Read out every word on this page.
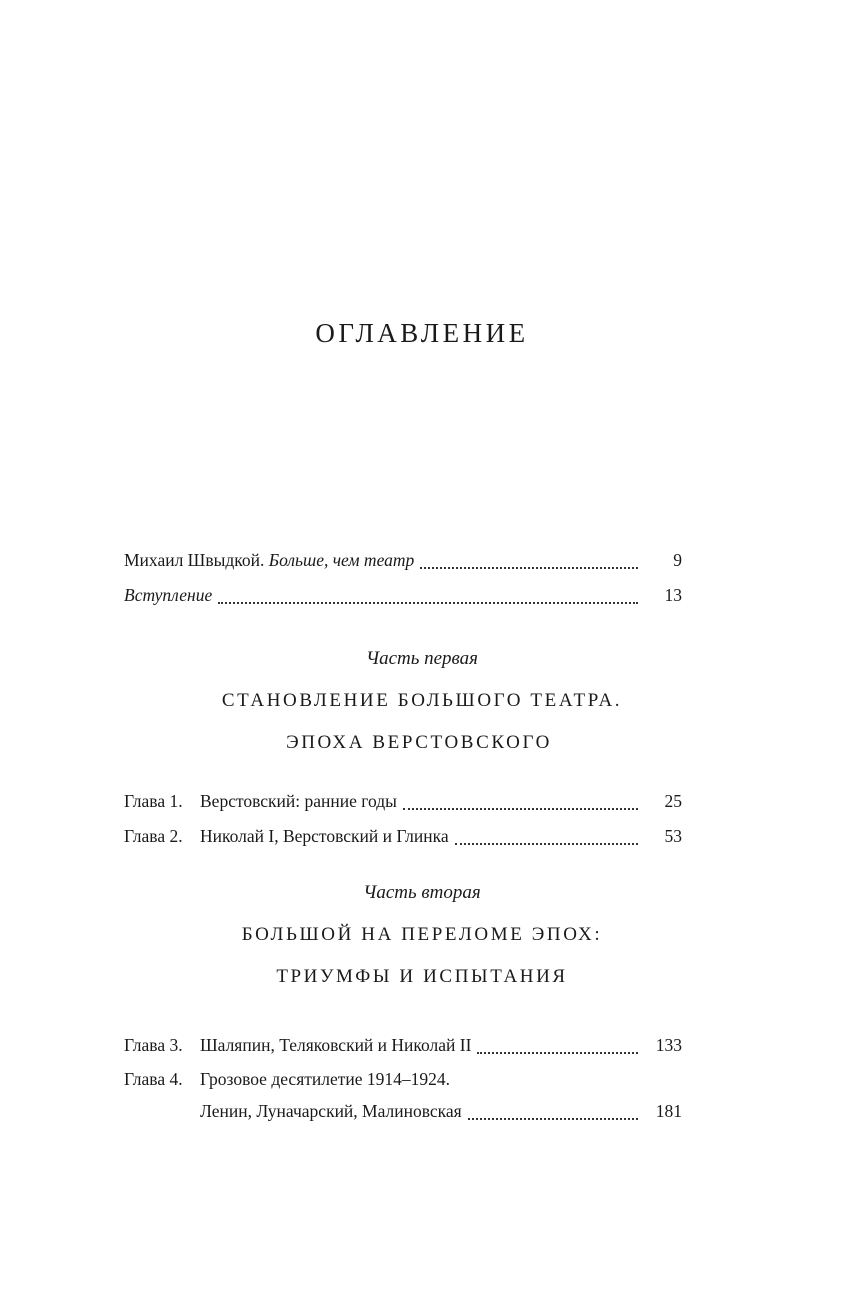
ОГЛАВЛЕНИЕ
Михаил Швыдкой. Больше, чем театр	9
Вступление	13
Часть первая
СТАНОВЛЕНИЕ БОЛЬШОГО ТЕАТРА.
ЭПОХА ВЕРСТОВСКОГО
Глава 1. Верстовский: ранние годы	25
Глава 2. Николай I, Верстовский и Глинка	53
Часть вторая
БОЛЬШОЙ НА ПЕРЕЛОМЕ ЭПОХ:
ТРИУМФЫ И ИСПЫТАНИЯ
Глава 3. Шаляпин, Теляковский и Николай II	133
Глава 4. Грозовое десятилетие 1914–1924.
Ленин, Луначарский, Малиновская	181
